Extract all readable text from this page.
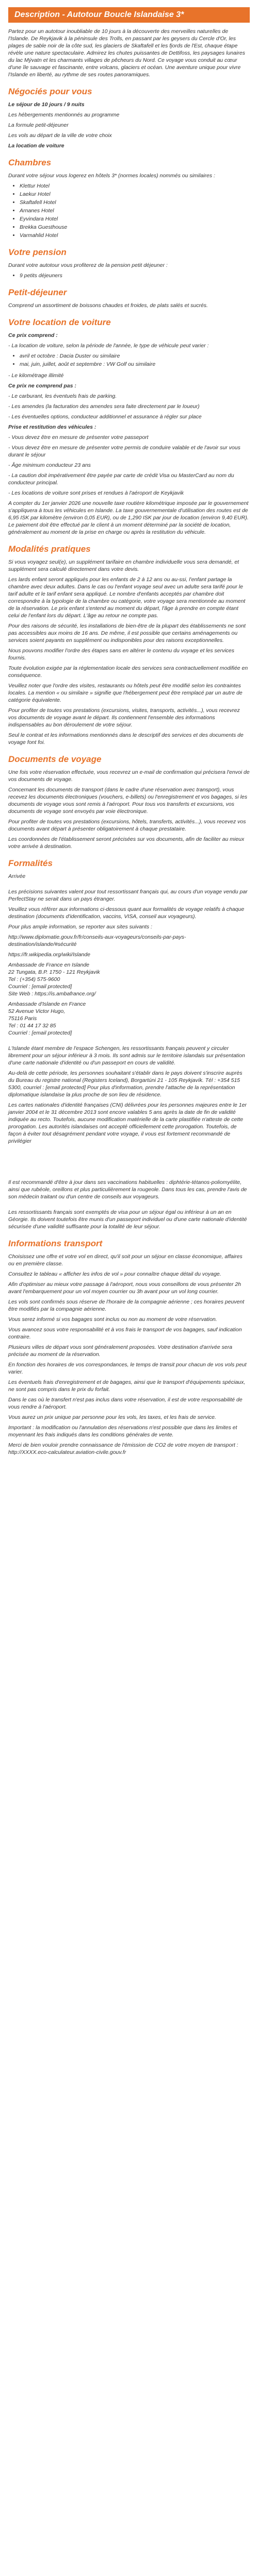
Description - Autotour Boucle Islandaise 3*

Partez pour un autotour inoubliable de 10 jours à la découverte des merveilles naturelles de l'Islande. De Reykjavik à la péninsule des Trolls, en passant par les geysers du Cercle d'Or, les plages de sable noir de la côte sud, les glaciers de Skaftafell et les fjords de l'Est, chaque étape révèle une nature spectaculaire. Admirez les chutes puissantes de Dettifoss, les paysages lunaires du lac Mývatn et les charmants villages de pêcheurs du Nord. Ce voyage vous conduit au cœur d'une île sauvage et fascinante, entre volcans, glaciers et océan. Une aventure unique pour vivre l'Islande en liberté, au rythme de ses routes panoramiques.

Négociés pour vous

Le séjour de 10 jours / 9 nuits

Les hébergements mentionnés au programme

La formule petit-déjeuner

Les vols au départ de la ville de votre choix

La location de voiture

Chambres

Durant votre séjour vous logerez en hôtels 3* (normes locales) nommés ou similaires :

• Klettur Hotel
• Laekur Hotel
• Skaftafell Hotel
• Arnanes Hotel
• Eyvindara Hotel
• Brekka Guesthouse
• Varmahlid Hotel
Votre pension

Durant votre autotour vous profiterez de la pension petit déjeuner :

• 9 petits déjeuners
Petit-déjeuner

Comprend un assortiment de boissons chaudes et froides, de plats salés et sucrés.

Votre location de voiture

Ce prix comprend :

- La location de voiture, selon la période de l'année, le type de véhicule peut varier :

• avril et octobre : Dacia Duster ou similaire
• mai, juin, juillet, août et septembre : VW Golf ou similaire

- Le kilométrage illimité

Ce prix ne comprend pas :

- Le carburant, les éventuels frais de parking.

- Les amendes (la facturation des amendes sera faite directement par le loueur)

- Les éventuelles options, conducteur additionnel et assurance à régler sur place

Prise et restitution des véhicules :

- Vous devez être en mesure de présenter votre passeport

- Vous devez être en mesure de présenter votre permis de conduire valable et de l'avoir sur vous durant le séjour

- Âge minimum conducteur 23 ans

- La caution doit impérativement être payée par carte de crédit Visa ou MasterCard au nom du conducteur principal.

- Les locations de voiture sont prises et rendues à l'aéroport de Keykjavik

A compter du 1er janvier 2026 une nouvelle taxe routière kilométrique imposée par le gouvernement s'appliquera à tous les véhicules en Islande. La taxe gouvernementale d'utilisation des routes est de 6,95 ISK par kilomètre (environ 0,05 EUR), ou de 1,290 ISK par jour de location (environ 9,40 EUR). Le paiement doit être effectué par le client à un moment déterminé par la société de location, généralement au moment de la prise en charge ou après la restitution du véhicule.

Modalités pratiques

Si vous voyagez seul(e), un supplément tarifaire en chambre individuelle vous sera demandé, et supplément sera calculé directement dans votre devis.

Les lards enfant seront appliqués pour les enfants de 2 à 12 ans ou au-ssi, l'enfant partage la chambre avec deux adultes. Dans le cas ou l'enfant voyage seul avec un adulte sera tarifé pour le tarif adulte et le tarif enfant sera appliqué. Le nombre d'enfants acceptés par chambre doit correspondre à la typologie de la chambre ou catégorie, votre voyage sera mentionnée au moment de la réservation. Le prix enfant s'entend au moment du départ, l'âge à prendre en compte étant celui de l'enfant lors du départ. L'âge au retour ne compte pas.

Pour des raisons de sécurité, les installations de bien-être de la plupart des établissements ne sont pas accessibles aux moins de 16 ans. De même, il est possible que certains aménagements ou services soient payants en supplément ou indisponibles pour des raisons exceptionnelles.

Nous pouvons modifier l'ordre des étapes sans en altérer le contenu du voyage et les services fournis.

Toute évolution exigée par la réglementation locale des services sera contractuellement modifiée en conséquence.

Veuillez noter que l'ordre des visites, restaurants ou hôtels peut être modifié selon les contraintes locales. La mention « ou similaire » signifie que l'hébergement peut être remplacé par un autre de catégorie équivalente.

Pour profiter de toutes vos prestations (excursions, visites, transports, activités...), vous recevrez vos documents de voyage avant le départ. Ils contiennent l'ensemble des informations indispensables au bon déroulement de votre séjour.

Seul le contrat et les informations mentionnés dans le descriptif des services et des documents de voyage font foi.

Documents de voyage

Une fois votre réservation effectuée, vous recevrez un e-mail de confirmation qui précisera l'envoi de vos documents de voyage.

Concernant les documents de transport (dans le cadre d'une réservation avec transport), vous recevez les documents électroniques (vouchers, e-billets) ou l'enregistrement et vos bagages, si les documents de voyage vous sont remis à l'aéroport. Pour tous vos transferts et excursions, vos documents de voyage sont envoyés par voie électronique.

Pour profiter de toutes vos prestations (excursions, hôtels, transferts, activités...), vous recevez vos documents avant départ à présenter obligatoirement à chaque prestataire.

Les coordonnées de l'établissement seront précisées sur vos documents, afin de faciliter au mieux votre arrivée à destination.

Formalités

Arrivée

Les précisions suivantes valent pour tout ressortissant français qui, au cours d'un voyage vendu par PerfectStay ne serait dans un pays étranger.

Veuillez vous référer aux informations ci-dessous quant aux formalités de voyage relatifs à chaque destination (documents d'identification, vaccins, VISA, conseil aux voyageurs).

Pour plus ample information, se reporter aux sites suivants :

http://www.diplomatie.gouv.fr/fr/conseils-aux-voyageurs/conseils-par-pays-destination/islande/#sécurité

https://fr.wikipedia.org/wiki/Islande

Ambassade de France en Islande
22 Tungata, B.P. 1750 - 121 Reykjavik
Tel : (+354) 575-9600
Courriel : [email protected]
Site Web : https://is.ambafrance.org/

Ambassade d'Islande en France
52 Avenue Victor Hugo,
75116 Paris
Tel : 01 44 17 32 85
Courriel : [email protected]

L'Islande étant membre de l'espace Schengen, les ressortissants français peuvent y circuler librement pour un séjour inférieur à 3 mois. Ils sont admis sur le territoire islandais sur présentation d'une carte nationale d'identité ou d'un passeport en cours de validité.

Au-delà de cette période, les personnes souhaitant s'établir dans le pays doivent s'inscrire auprès du Bureau du registre national (Registers Iceland), Borgartúni 21 - 105 Reykjavík. Tél : +354 515 5300, courriel : [email protected] Pour plus d'information, prendre l'attache de la représentation diplomatique islandaise la plus proche de son lieu de résidence.

Les cartes nationales d'identité françaises (CNI) délivrées pour les personnes majeures entre le 1er janvier 2004 et le 31 décembre 2013 sont encore valables 5 ans après la date de fin de validité indiquée au recto. Toutefois, aucune modification matérielle de la carte plastifiée n'atteste de cette prorogation. Les autorités islandaises ont accepté officiellement cette prorogation. Toutefois, de façon à éviter tout désagrément pendant votre voyage, il vous est fortement recommandé de privilégier

Il est recommandé d'être à jour dans ses vaccinations habituelles : diphtérie-tétanos-poliomyélite, ainsi que rubéole, oreillons et plus particulièrement la rougeole. Dans tous les cas, prendre l'avis de son médecin traitant ou d'un centre de conseils aux voyageurs.

Les ressortissants français sont exemptés de visa pour un séjour égal ou inférieur à un an en Géorgie. Ils doivent toutefois être munis d'un passeport individuel ou d'une carte nationale d'identité sécurisée d'une validité suffisante pour la totalité de leur séjour.

Informations transport

Choisissez une offre et votre vol en direct, qu'il soit pour un séjour en classe économique, affaires ou en première classe.

Consultez le tableau « afficher les infos de vol » pour connaître chaque détail du voyage.

Afin d'optimiser au mieux votre passage à l'aéroport, nous vous conseillons de vous présenter 2h avant l'embarquement pour un vol moyen courrier ou 3h avant pour un vol long courrier.

Les vols sont confirmés sous réserve de l'horaire de la compagnie aérienne ; ces horaires peuvent être modifiés par la compagnie aérienne.

Vous serez informé si vos bagages sont inclus ou non au moment de votre réservation.

Vous avancez sous votre responsabilité et à vos frais le transport de vos bagages, sauf indication contraire.

Plusieurs villes de départ vous sont généralement proposées. Votre destination d'arrivée sera précisée au moment de la réservation.

En fonction des horaires de vos correspondances, le temps de transit pour chacun de vos vols peut varier.

Les éventuels frais d'enregistrement et de bagages, ainsi que le transport d'équipements spéciaux, ne sont pas compris dans le prix du forfait.

Dans le cas où le transfert n'est pas inclus dans votre réservation, il est de votre responsabilité de vous rendre à l'aéroport.

Vous aurez un prix unique par personne pour les vols, les taxes, et les frais de service.

Important : la modification ou l'annulation des réservations n'est possible que dans les limites et moyennant les frais indiqués dans les conditions générales de vente.

Merci de bien vouloir prendre connaissance de l'émission de CO2 de votre moyen de transport : http://XXXX.eco-calculateur.aviation-civile.gouv.fr
